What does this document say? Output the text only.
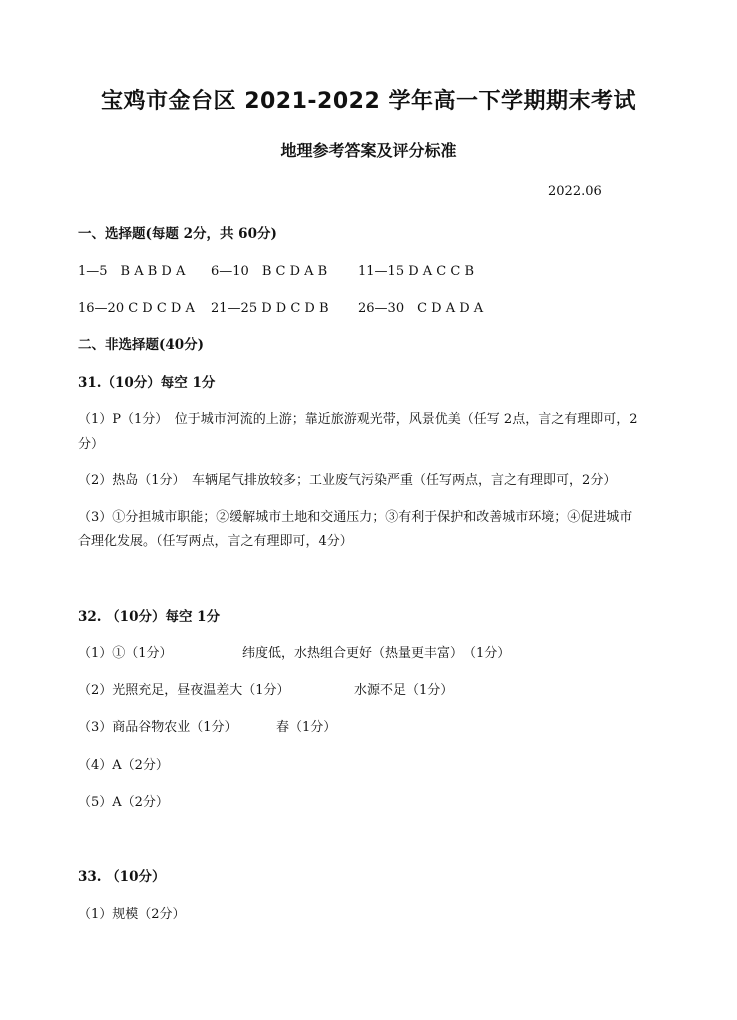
宝鸡市金台区 2021-2022 学年高一下学期期末考试
地理参考答案及评分标准
2022.06
一、选择题(每题 2分，共 60分)
1—5　B A B D A 6—10　B C D A B 11—15 D A C C B
16—20 C D C D A 21—25 D D C D B 26—30　C D A D A
二、非选择题(40分)
31.（10分）每空 1分
（1）P（1分）　位于城市河流的上游；靠近旅游观光带，风景优美（任写 2点，言之有理即可，2
分）
（2）热岛（1分）　车辆尾气排放较多；工业废气污染严重（任写两点，言之有理即可，2分）
（3）①分担城市职能；②缓解城市土地和交通压力；③有利于保护和改善城市环境；④促进城市
合理化发展。（任写两点，言之有理即可，4分）
32. （10分）每空 1分
（1）①（1分）	纬度低，水热组合更好（热量更丰富）　（1分）
（2）光照充足，昼夜温差大（1分）	水源不足（1分）
（3）商品谷物农业（1分）	春（1分）
（4）A（2分）
（5）A（2分）
33. （10分）
（1）规模（2分）
